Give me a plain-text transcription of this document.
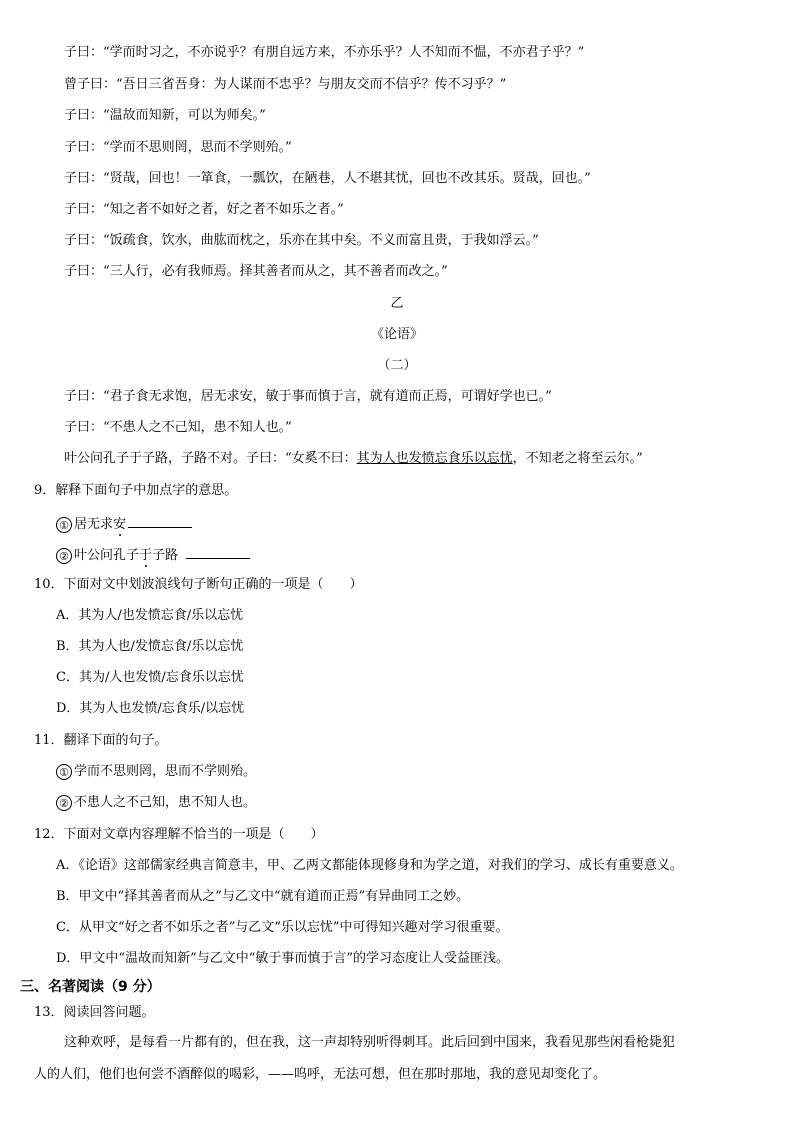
子曰：“学而时习之，不亦说乎？有朋自远方来，不亦乐乎？人不知而不愠，不亦君子乎？”
曾子曰：“吾日三省吾身：为人谋而不忠乎？与朋友交而不信乎？传不习乎？”
子曰：“温故而知新，可以为师矣。”
子曰：“学而不思则罔，思而不学则殆。”
子曰：“贤哉，回也！一箪食，一瓢饮，在陋巷，人不堪其忧，回也不改其乐。贤哉，回也。”
子曰：“知之者不如好之者，好之者不如乐之者。”
子曰：“饭疏食，饮水，曲肱而枕之，乐亦在其中矣。不义而富且贵，于我如浮云。”
子曰：“三人行，必有我师焉。择其善者而从之，其不善者而改之。”
乙
《论语》
（二）
子曰：“君子食无求饱，居无求安，敏于事而慎于言，就有道而正焉，可谓好学也已。”
子曰：“不患人之不己知，患不知人也。”
叶公问孔子于子路，子路不对。子曰：“女奚不曰：其为人也发愤忘食乐以忘忧，不知老之将至云尔。”
9．解释下面句子中加点字的意思。
① 居无求安
② 叶公问孔子于子路
10．下面对文中划波浪线句子断句正确的一项是（　　）
A．其为人/也发愤忘食/乐以忘忧
B．其为人也/发愤忘食/乐以忘忧
C．其为/人也发愤/忘食乐以忘忧
D．其为人也发愤/忘食乐/以忘忧
11．翻译下面的句子。
① 学而不思则罔，思而不学则殆。
② 不患人之不己知，患不知人也。
12．下面对文章内容理解不恰当的一项是（　　）
A．《论语》这部儒家经典言简意丰，甲、乙两文都能体现修身和为学之道，对我们的学习、成长有重要意义。
B．甲文中“择其善者而从之”与乙文中“就有道而正焉”有异曲同工之妙。
C．从甲文“好之者不如乐之者”与乙文“乐以忘忧”中可得知兴趣对学习很重要。
D．甲文中“温故而知新”与乙文中“敏于事而慎于言”的学习态度让人受益匪浅。
三、名著阅读（9 分）
13．阅读回答问题。
这种欢呼，是每看一片都有的，但在我，这一声却特别听得刺耳。此后回到中国来，我看见那些闲看枪毙犯
人的人们，他们也何尝不酒醉似的喝彩，——呜呼，无法可想，但在那时那地，我的意见却变化了。
